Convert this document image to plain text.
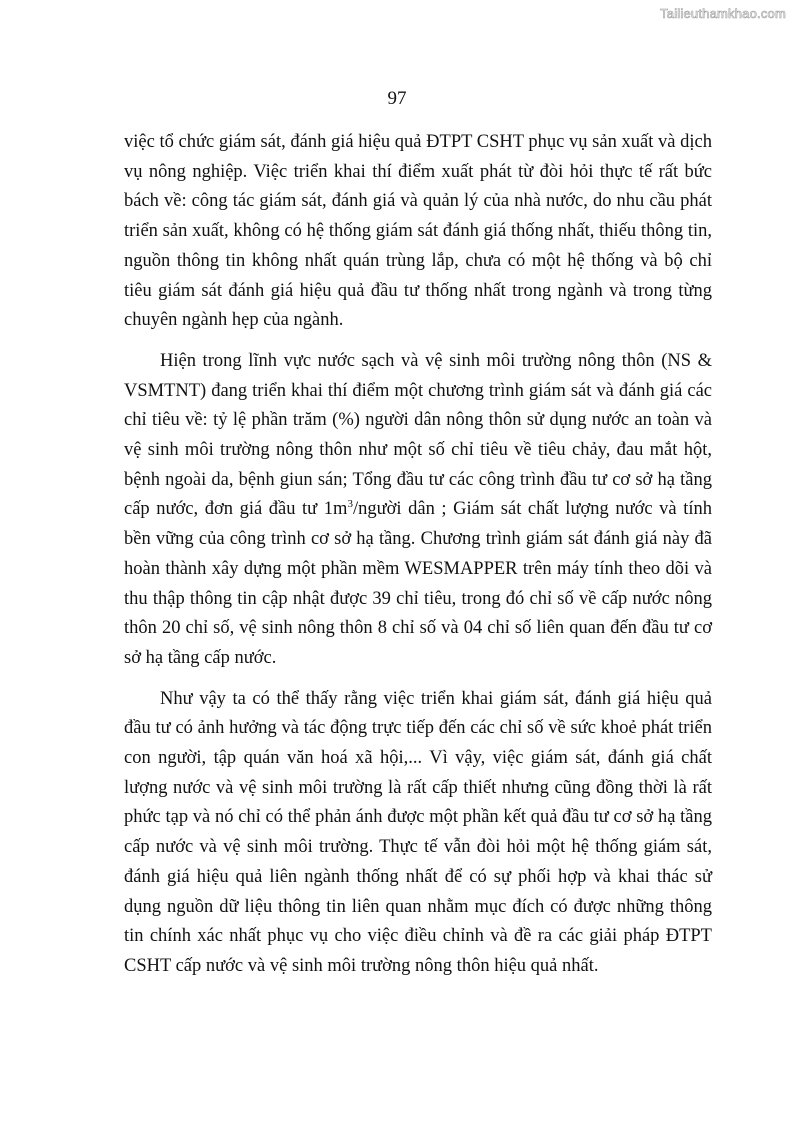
Tailieuthamkhao.com
97

việc tổ chức giám sát, đánh giá hiệu quả ĐTPT CSHT phục vụ sản xuất và dịch vụ nông nghiệp. Việc triển khai thí điểm xuất phát từ đòi hỏi thực tế rất bức bách về: công tác giám sát, đánh giá và quản lý của nhà nước, do nhu cầu phát triển sản xuất, không có hệ thống giám sát đánh giá thống nhất, thiếu thông tin, nguồn thông tin không nhất quán trùng lắp, chưa có một hệ thống và bộ chỉ tiêu giám sát đánh giá hiệu quả đầu tư thống nhất trong ngành và trong từng chuyên ngành hẹp của ngành.

Hiện trong lĩnh vực nước sạch và vệ sinh môi trường nông thôn (NS & VSMTNT) đang triển khai thí điểm một chương trình giám sát và đánh giá các chỉ tiêu về: tỷ lệ phần trăm (%) người dân nông thôn sử dụng nước an toàn và vệ sinh môi trường nông thôn như một số chỉ tiêu về tiêu chảy, đau mắt hột, bệnh ngoài da, bệnh giun sán; Tổng đầu tư các công trình đầu tư cơ sở hạ tầng cấp nước, đơn giá đầu tư $1m^3$/người dân ; Giám sát chất lượng nước và tính bền vững của công trình cơ sở hạ tầng. Chương trình giám sát đánh giá này đã hoàn thành xây dựng một phần mềm WESMAPPER trên máy tính theo dõi và thu thập thông tin cập nhật được 39 chỉ tiêu, trong đó chỉ số về cấp nước nông thôn 20 chỉ số, vệ sinh nông thôn 8 chỉ số và 04 chỉ số liên quan đến đầu tư cơ sở hạ tầng cấp nước.

Như vậy ta có thể thấy rằng việc triển khai giám sát, đánh giá hiệu quả đầu tư có ảnh hưởng và tác động trực tiếp đến các chỉ số về sức khoẻ phát triển con người, tập quán văn hoá xã hội,... Vì vậy, việc giám sát, đánh giá chất lượng nước và vệ sinh môi trường là rất cấp thiết nhưng cũng đồng thời là rất phức tạp và nó chỉ có thể phản ánh được một phần kết quả đầu tư cơ sở hạ tầng cấp nước và vệ sinh môi trường. Thực tế vẫn đòi hỏi một hệ thống giám sát, đánh giá hiệu quả liên ngành thống nhất để có sự phối hợp và khai thác sử dụng nguồn dữ liệu thông tin liên quan nhằm mục đích có được những thông tin chính xác nhất phục vụ cho việc điều chỉnh và đề ra các giải pháp ĐTPT CSHT cấp nước và vệ sinh môi trường nông thôn hiệu quả nhất.
